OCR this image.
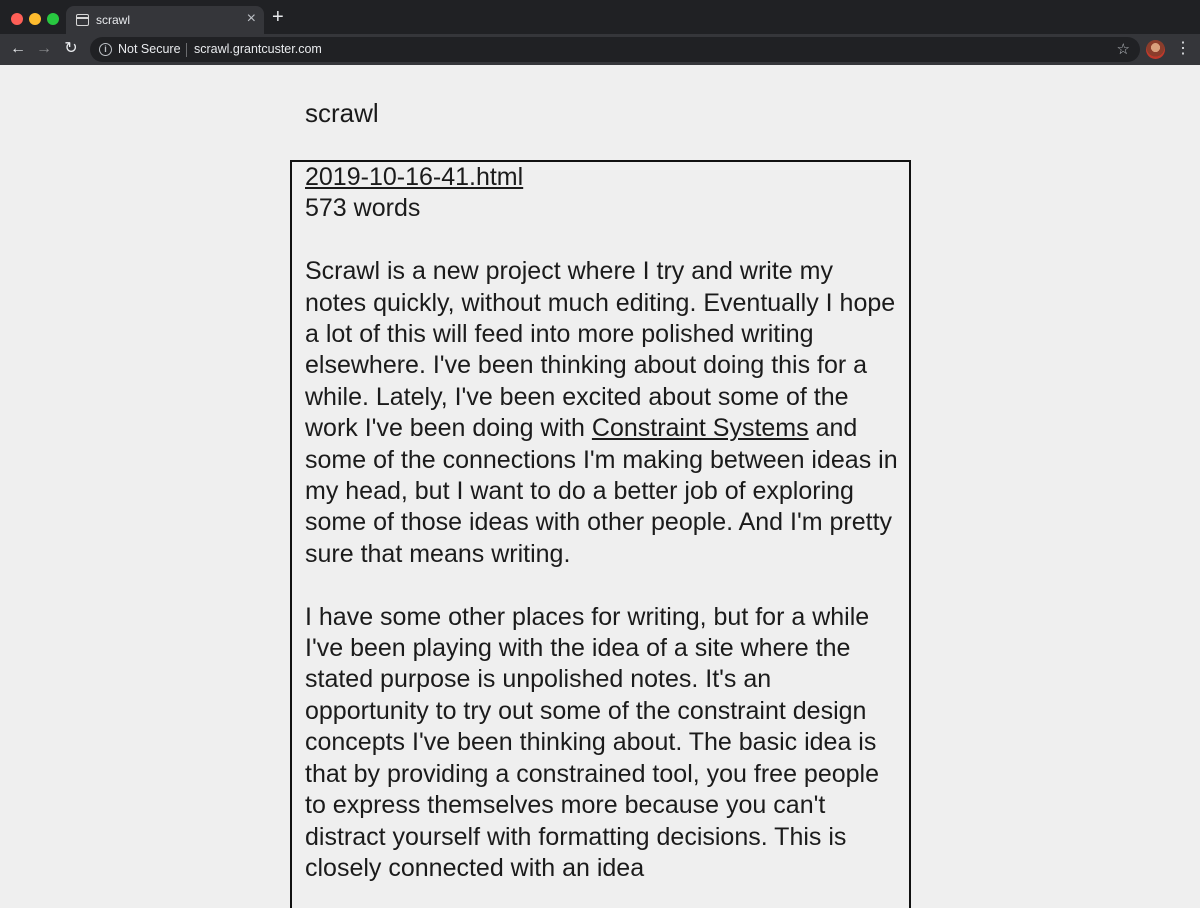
scrawl	× +
← → ↻	i Not Secure scrawl.grantcuster.com	☆	⋮
scrawl
2019-10-16-41.html
573 words

Scrawl is a new project where I try and write my notes quickly, without much editing. Eventually I hope a lot of this will feed into more polished writing elsewhere. I've been thinking about doing this for a while. Lately, I've been excited about some of the work I've been doing with Constraint Systems and some of the connections I'm making between ideas in my head, but I want to do a better job of exploring some of those ideas with other people. And I'm pretty sure that means writing.

I have some other places for writing, but for a while I've been playing with the idea of a site where the stated purpose is unpolished notes. It's an opportunity to try out some of the constraint design concepts I've been thinking about. The basic idea is that by providing a constrained tool, you free people to express themselves more because you can't distract yourself with formatting decisions. This is closely connected with an idea
